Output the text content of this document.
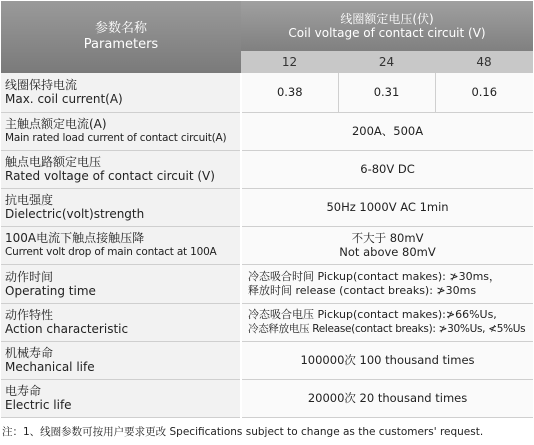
参数名称
Parameters	线圈额定电压(伏)
Coil voltage of contact circuit (V)		

	12	24	48

线圈保持电流
Max. coil current(A)	0.38	0.31	0.16

主触点额定电流(A)
Main rated load current of contact circuit(A)	200A、500A		

触点电路额定电压
Rated voltage of contact circuit (V)	6-80V DC		

抗电强度
Dielectric(volt)strength	50Hz 1000V AC 1min		

100A电流下触点接触压降
Current volt drop of main contact at 100A	不大于 80mV
Not above 80mV		

动作时间
Operating time	冷态吸合时间 Pickup(contact makes): ≯30ms，
释放时间 release (contact breaks): ≯30ms		

动作特性
Action characteristic	冷态吸合电压 Pickup(contact makes):≯66%Us,
冷态释放电压 Release(contact breaks): ≯30%Us, ≮5%Us		

机械寿命
Mechanical life	100000次 100 thousand times		

电寿命
Electric life	20000次 20 thousand times		
注：1、线圈参数可按用户要求更改 Specifications subject to change as the customers' request.
